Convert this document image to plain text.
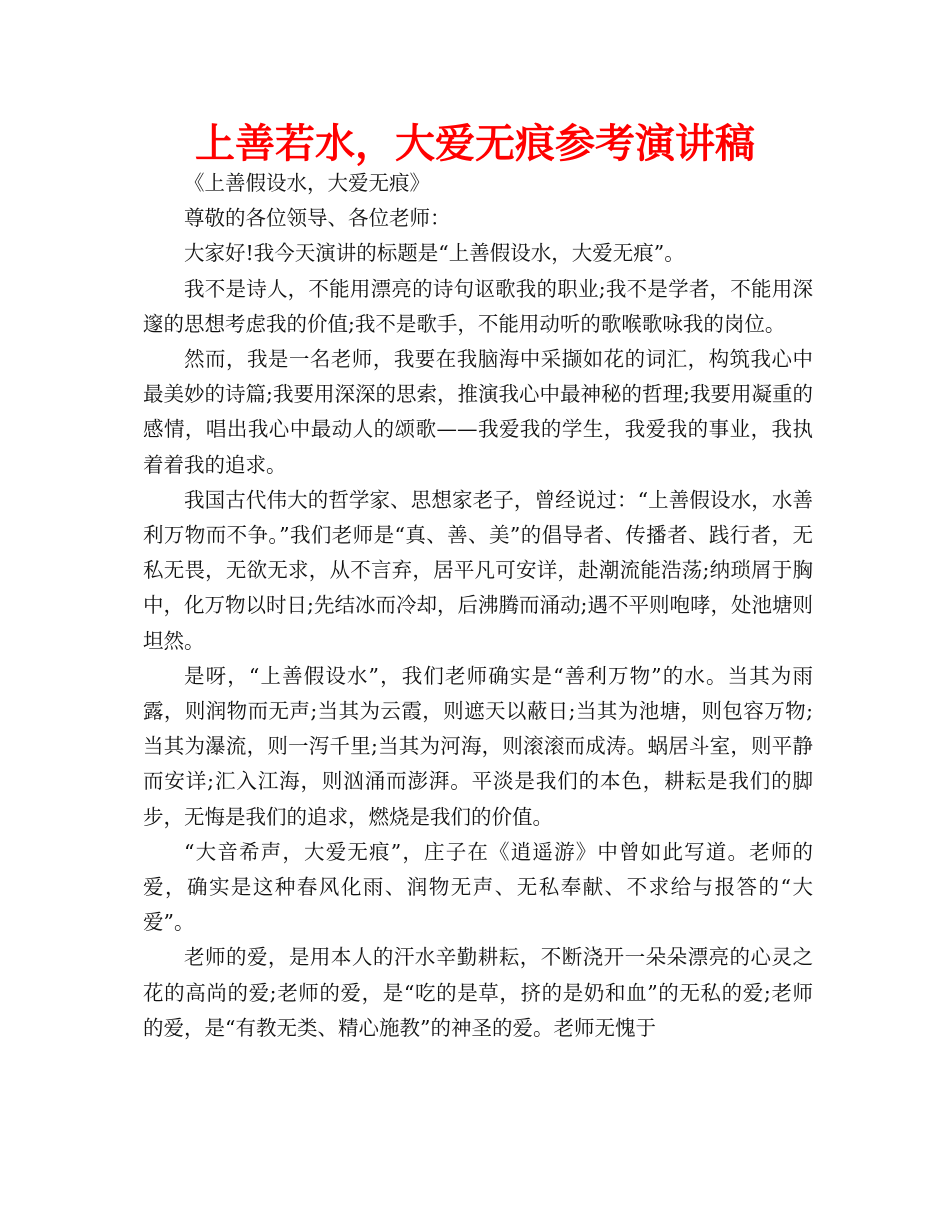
上善若水，大爱无痕参考演讲稿

《上善假设水，大爱无痕》

尊敬的各位领导、各位老师：

大家好!我今天演讲的标题是“上善假设水，大爱无痕”。

我不是诗人，不能用漂亮的诗句讴歌我的职业;我不是学者，不能用深邃的思想考虑我的价值;我不是歌手，不能用动听的歌喉歌咏我的岗位。

然而，我是一名老师，我要在我脑海中采撷如花的词汇，构筑我心中最美妙的诗篇;我要用深深的思索，推演我心中最神秘的哲理;我要用凝重的感情，唱出我心中最动人的颂歌——我爱我的学生，我爱我的事业，我执着着我的追求。

我国古代伟大的哲学家、思想家老子，曾经说过：“上善假设水，水善利万物而不争。”我们老师是“真、善、美”的倡导者、传播者、践行者，无私无畏，无欲无求，从不言弃，居平凡可安详，赴潮流能浩荡;纳琐屑于胸中，化万物以时日;先结冰而冷却，后沸腾而涌动;遇不平则咆哮，处池塘则坦然。

是呀，“上善假设水”，我们老师确实是“善利万物”的水。当其为雨露，则润物而无声;当其为云霞，则遮天以蔽日;当其为池塘，则包容万物;当其为瀑流，则一泻千里;当其为河海，则滚滚而成涛。蜗居斗室，则平静而安详;汇入江海，则汹涌而澎湃。平淡是我们的本色，耕耘是我们的脚步，无悔是我们的追求，燃烧是我们的价值。

“大音希声，大爱无痕”，庄子在《逍遥游》中曾如此写道。老师的爱，确实是这种春风化雨、润物无声、无私奉献、不求给与报答的“大爱”。

老师的爱，是用本人的汗水辛勤耕耘，不断浇开一朵朵漂亮的心灵之花的高尚的爱;老师的爱，是“吃的是草，挤的是奶和血”的无私的爱;老师的爱，是“有教无类、精心施教”的神圣的爱。老师无愧于
